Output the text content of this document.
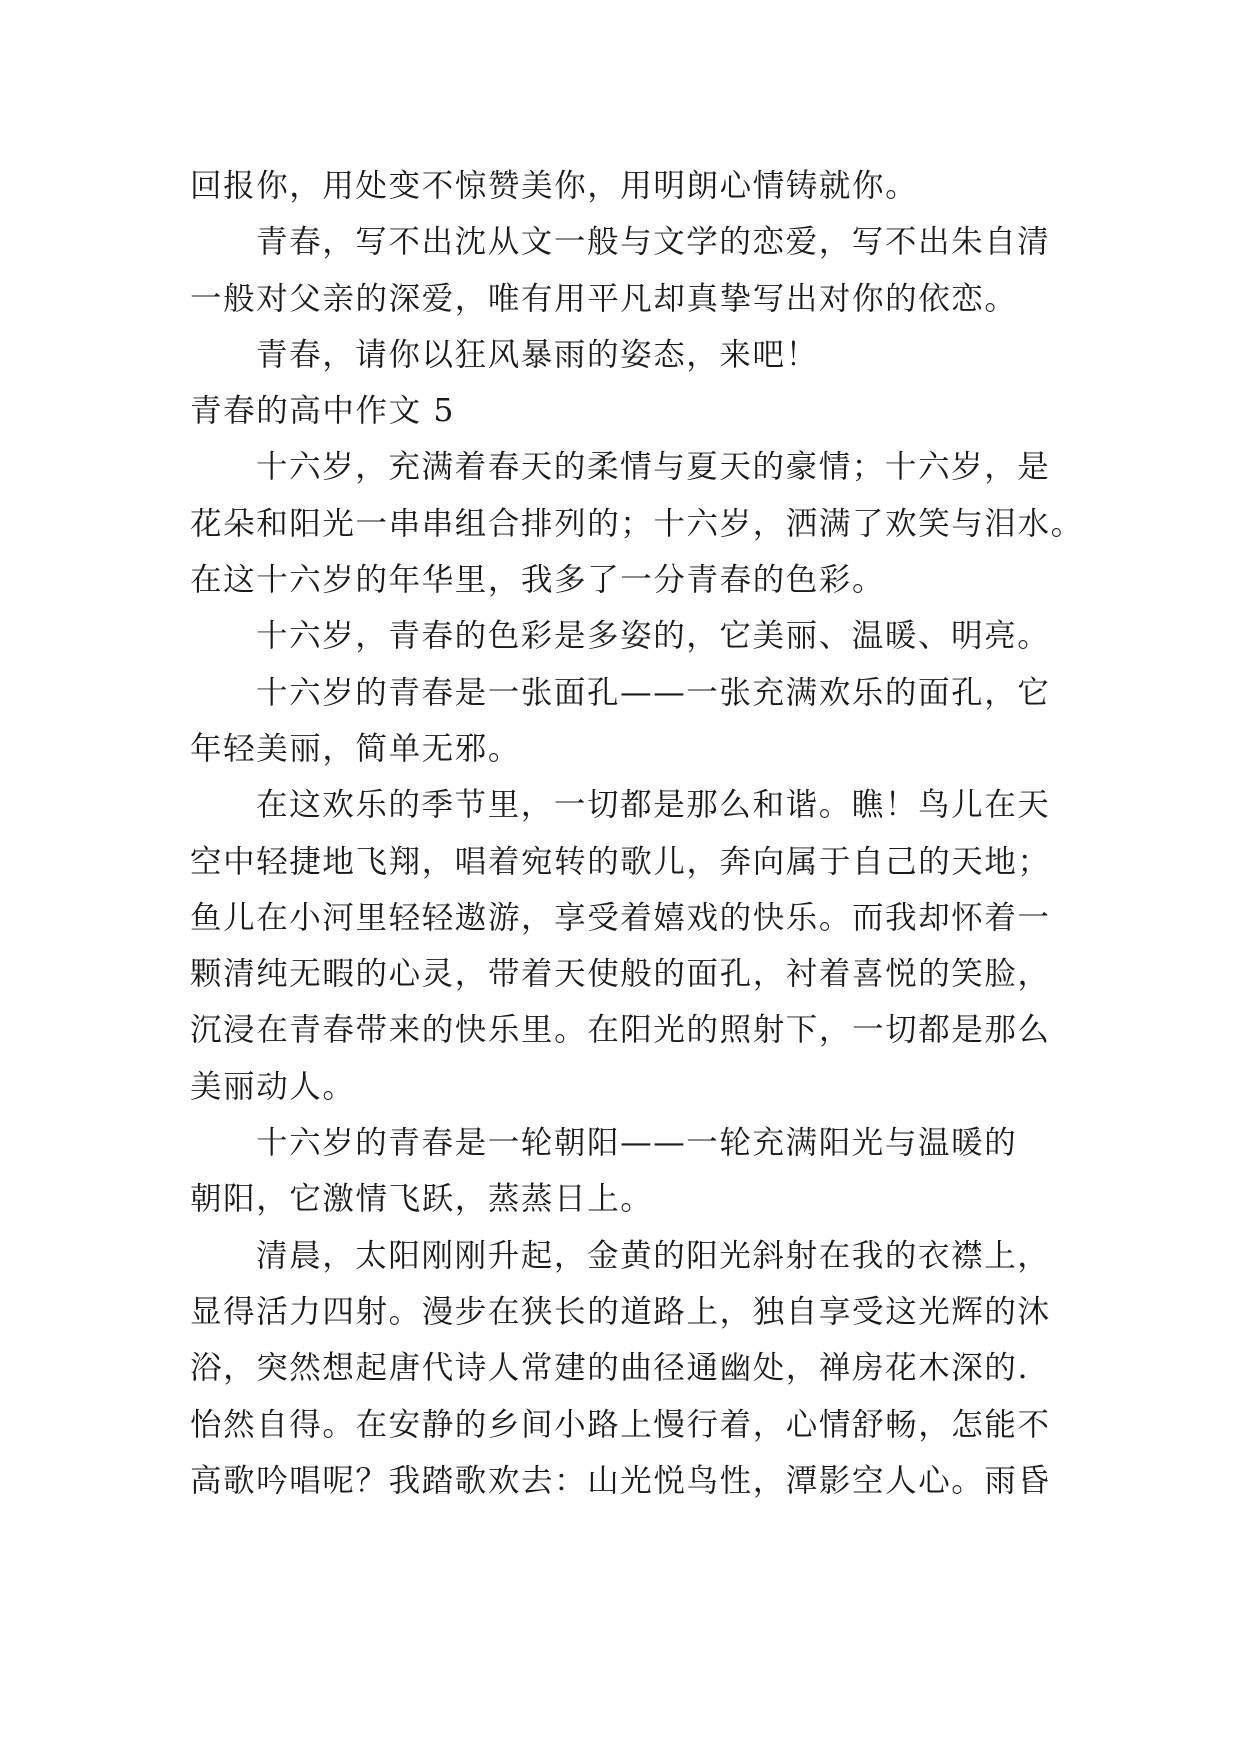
回报你，用处变不惊赞美你，用明朗心情铸就你。
青春，写不出沈从文一般与文学的恋爱，写不出朱自清
一般对父亲的深爱，唯有用平凡却真挚写出对你的依恋。
青春，请你以狂风暴雨的姿态，来吧！
青春的高中作文 5
十六岁，充满着春天的柔情与夏天的豪情；十六岁，是
花朵和阳光一串串组合排列的；十六岁，洒满了欢笑与泪水。
在这十六岁的年华里，我多了一分青春的色彩。
十六岁，青春的色彩是多姿的，它美丽、温暖、明亮。
十六岁的青春是一张面孔——一张充满欢乐的面孔，它
年轻美丽，简单无邪。
在这欢乐的季节里，一切都是那么和谐。瞧！鸟儿在天
空中轻捷地飞翔，唱着宛转的歌儿，奔向属于自己的天地；
鱼儿在小河里轻轻遨游，享受着嬉戏的快乐。而我却怀着一
颗清纯无暇的心灵，带着天使般的面孔，衬着喜悦的笑脸，
沉浸在青春带来的快乐里。在阳光的照射下，一切都是那么
美丽动人。
十六岁的青春是一轮朝阳——一轮充满阳光与温暖的
朝阳，它激情飞跃，蒸蒸日上。
清晨，太阳刚刚升起，金黄的阳光斜射在我的衣襟上，
显得活力四射。漫步在狭长的道路上，独自享受这光辉的沐
浴，突然想起唐代诗人常建的曲径通幽处，禅房花木深的.
怡然自得。在安静的乡间小路上慢行着，心情舒畅，怎能不
高歌吟唱呢？我踏歌欢去：山光悦鸟性，潭影空人心。雨昏
